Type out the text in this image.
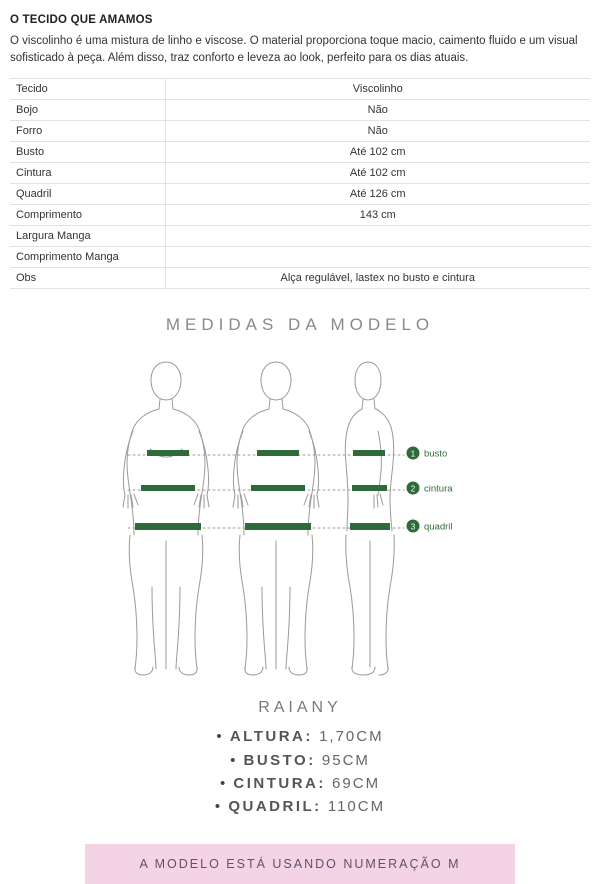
O TECIDO QUE AMAMOS
O viscolinho é uma mistura de linho e viscose. O material proporciona toque macio, caimento fluido e um visual sofisticado à peça. Além disso, traz conforto e leveza ao look, perfeito para os dias atuais.
Tecido	Viscolinho
Bojo	Não
Forro	Não
Busto	Até 102 cm
Cintura	Até 102 cm
Quadril	Até 126 cm
Comprimento	143 cm
Largura Manga	
Comprimento Manga	
Obs	Alça regulável, lastex no busto e cintura
MEDIDAS DA MODELO
1 busto
2 cintura
3 quadril
RAIANY
• ALTURA: 1,70CM
• BUSTO: 95CM
• CINTURA: 69CM
• QUADRIL: 110CM
A MODELO ESTÁ USANDO NUMERAÇÃO M
